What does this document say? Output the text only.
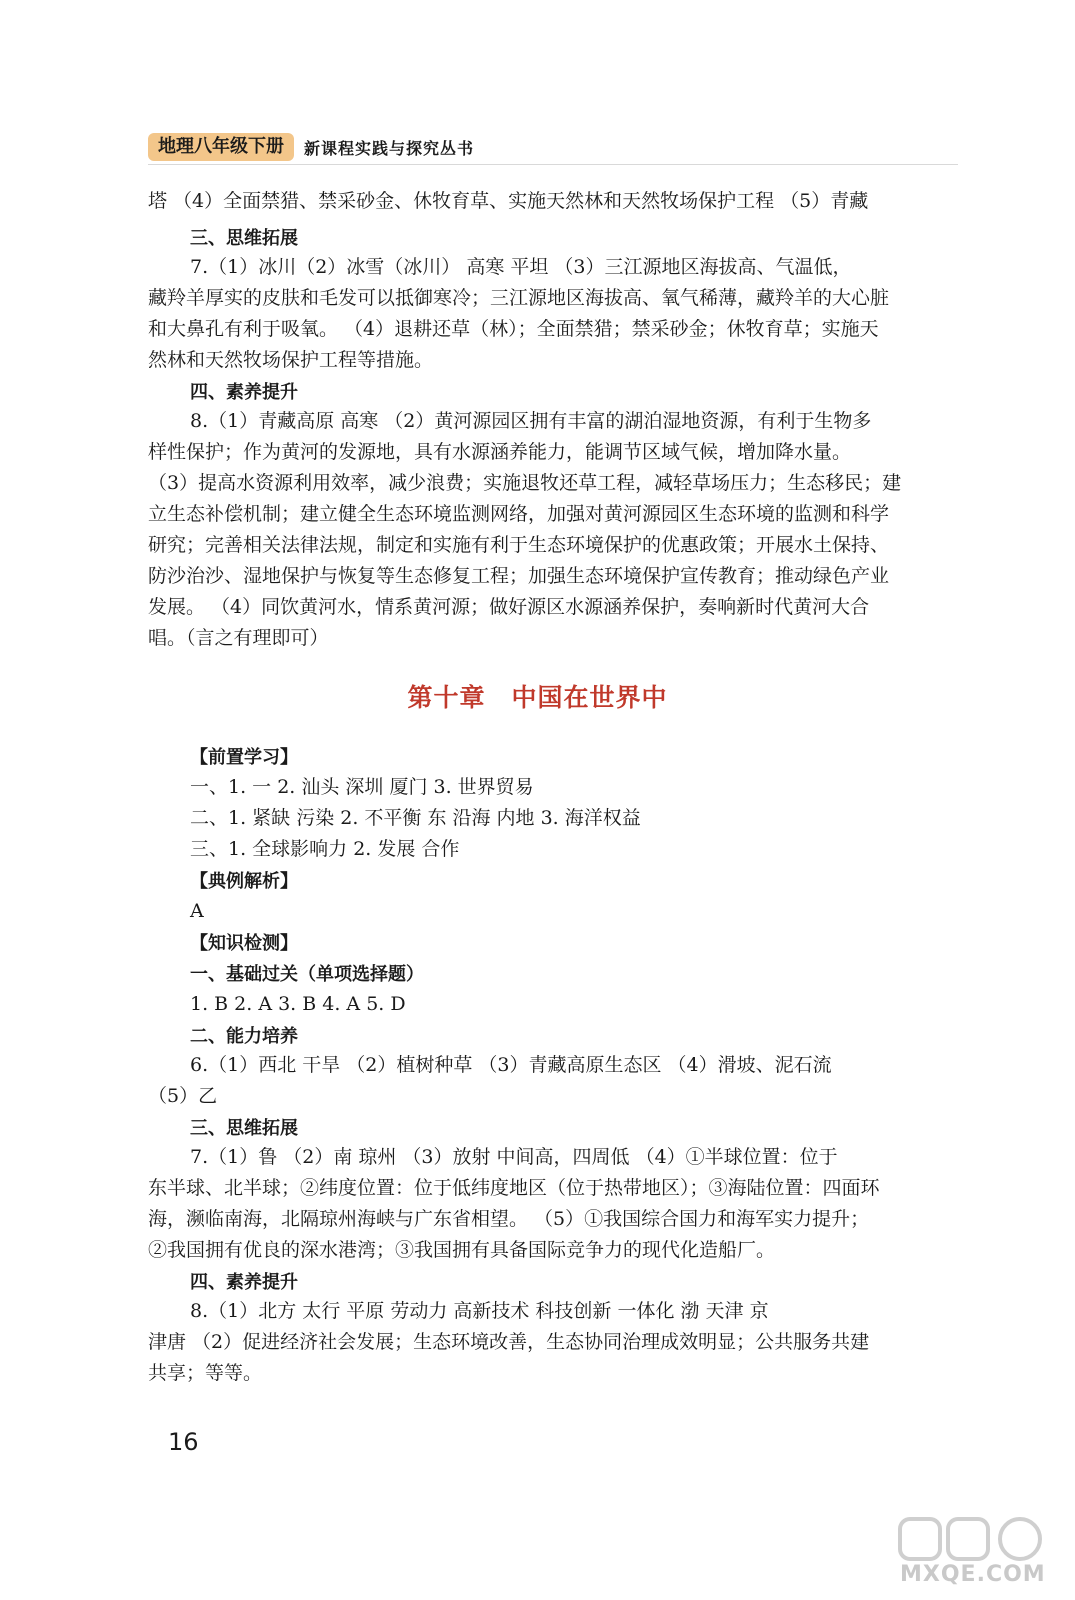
地理八年级下册	新课程实践与探究丛书
塔 （4）全面禁猎、禁采砂金、休牧育草、实施天然林和天然牧场保护工程 （5）青藏
三、思维拓展
7.（1）冰川（2）冰雪（冰川） 高寒 平坦 （3）三江源地区海拔高、气温低，
藏羚羊厚实的皮肤和毛发可以抵御寒冷；三江源地区海拔高、氧气稀薄，藏羚羊的大心脏
和大鼻孔有利于吸氧。 （4）退耕还草（林）；全面禁猎；禁采砂金；休牧育草；实施天
然林和天然牧场保护工程等措施。
四、素养提升
8.（1）青藏高原 高寒 （2）黄河源园区拥有丰富的湖泊湿地资源，有利于生物多
样性保护；作为黄河的发源地，具有水源涵养能力，能调节区域气候，增加降水量。
（3）提高水资源利用效率，减少浪费；实施退牧还草工程，减轻草场压力；生态移民；建
立生态补偿机制；建立健全生态环境监测网络，加强对黄河源园区生态环境的监测和科学
研究；完善相关法律法规，制定和实施有利于生态环境保护的优惠政策；开展水土保持、
防沙治沙、湿地保护与恢复等生态修复工程；加强生态环境保护宣传教育；推动绿色产业
发展。 （4）同饮黄河水，情系黄河源；做好源区水源涵养保护，奏响新时代黄河大合
唱。（言之有理即可）
第十章　中国在世界中
【前置学习】
一、1. 一 2. 汕头 深圳 厦门 3. 世界贸易
二、1. 紧缺 污染 2. 不平衡 东 沿海 内地 3. 海洋权益
三、1. 全球影响力 2. 发展 合作
【典例解析】
A
【知识检测】
一、基础过关（单项选择题）
1. B 2. A 3. B 4. A 5. D
二、能力培养
6.（1）西北 干旱 （2）植树种草 （3）青藏高原生态区 （4）滑坡、泥石流
（5）乙
三、思维拓展
7.（1）鲁 （2）南 琼州 （3）放射 中间高，四周低 （4）①半球位置：位于
东半球、北半球；②纬度位置：位于低纬度地区（位于热带地区）；③海陆位置：四面环
海，濒临南海，北隔琼州海峡与广东省相望。 （5）①我国综合国力和海军实力提升；
②我国拥有优良的深水港湾；③我国拥有具备国际竞争力的现代化造船厂。
四、素养提升
8.（1）北方 太行 平原 劳动力 高新技术 科技创新 一体化 渤 天津 京
津唐 （2）促进经济社会发展；生态环境改善，生态协同治理成效明显；公共服务共建
共享；等等。
16
MXQE.COM
